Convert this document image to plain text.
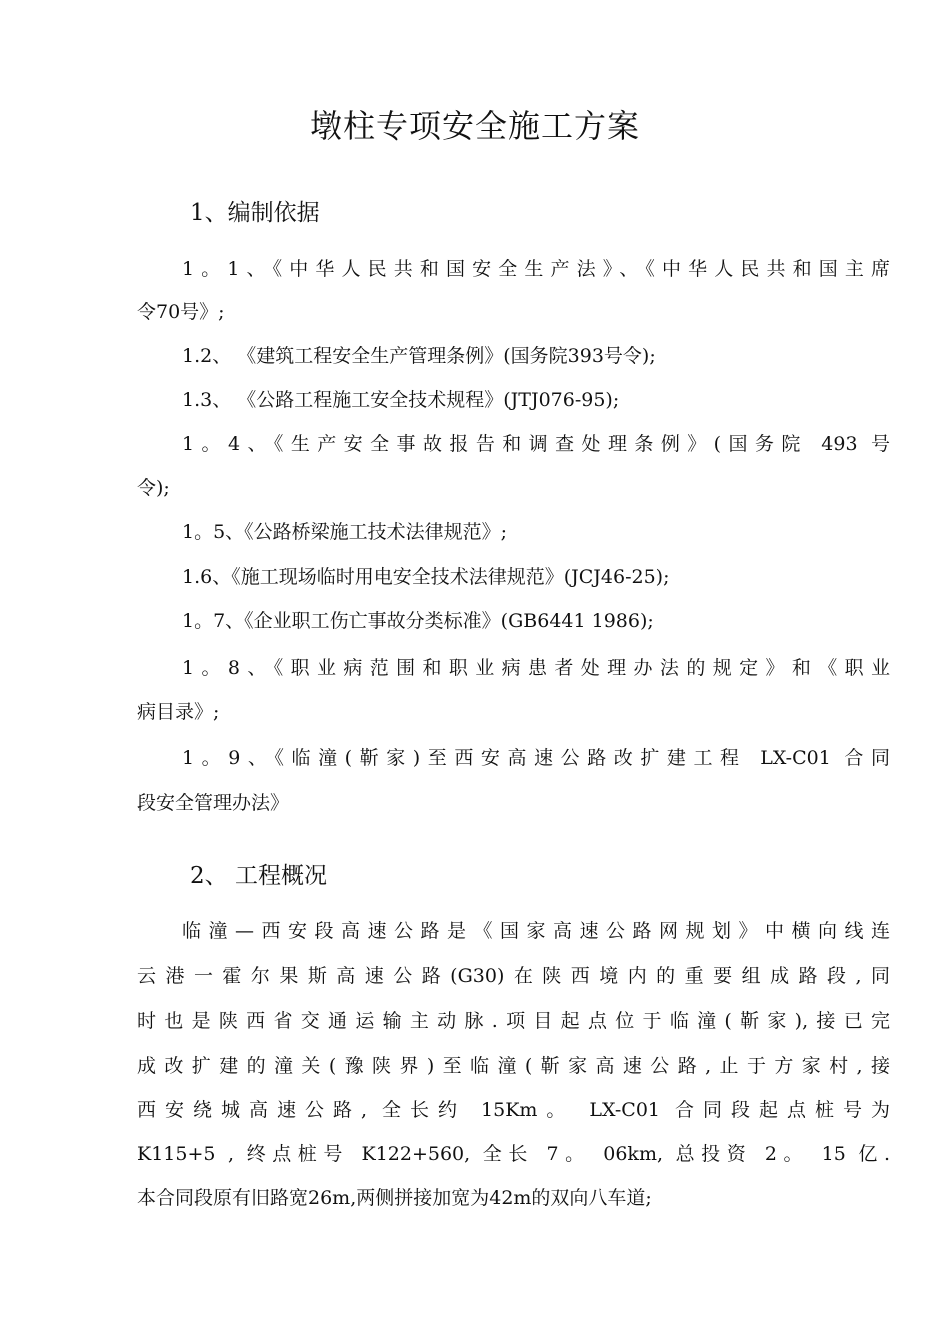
墩柱专项安全施工方案
1、编制依据
1。1、《中华人民共和国安全生产法》、《中华人民共和国主席
令70号》;
1.2、 《建筑工程安全生产管理条例》(国务院393号令);
1.3、 《公路工程施工安全技术规程》(JTJ076-95);
1。4、《生产安全事故报告和调查处理条例》(国务院 493 号
令);
1。5、《公路桥梁施工技术法律规范》;
1.6、《施工现场临时用电安全技术法律规范》(JCJ46-25);
1。7、《企业职工伤亡事故分类标准》(GB6441 1986);
1。8、《职业病范围和职业病患者处理办法的规定》和《职业
病目录》;
1。9、《临潼(靳家)至西安高速公路改扩建工程 LX-C01 合同
段安全管理办法》
2、 工程概况
临潼—西安段高速公路是《国家高速公路网规划》中横向线连
云港一霍尔果斯高速公路(G30)在陕西境内的重要组成路段,同
时也是陕西省交通运输主动脉.项目起点位于临潼(靳家),接已完
成改扩建的潼关(豫陕界)至临潼(靳家高速公路,止于方家村,接
西安绕城高速公路, 全长约 15Km。 LX-C01 合同段起点桩号为
K115+5 , 终点桩号 K122+560, 全长 7。 06km, 总投资 2。 15 亿.
本合同段原有旧路宽26m,两侧拼接加宽为42m的双向八车道;
